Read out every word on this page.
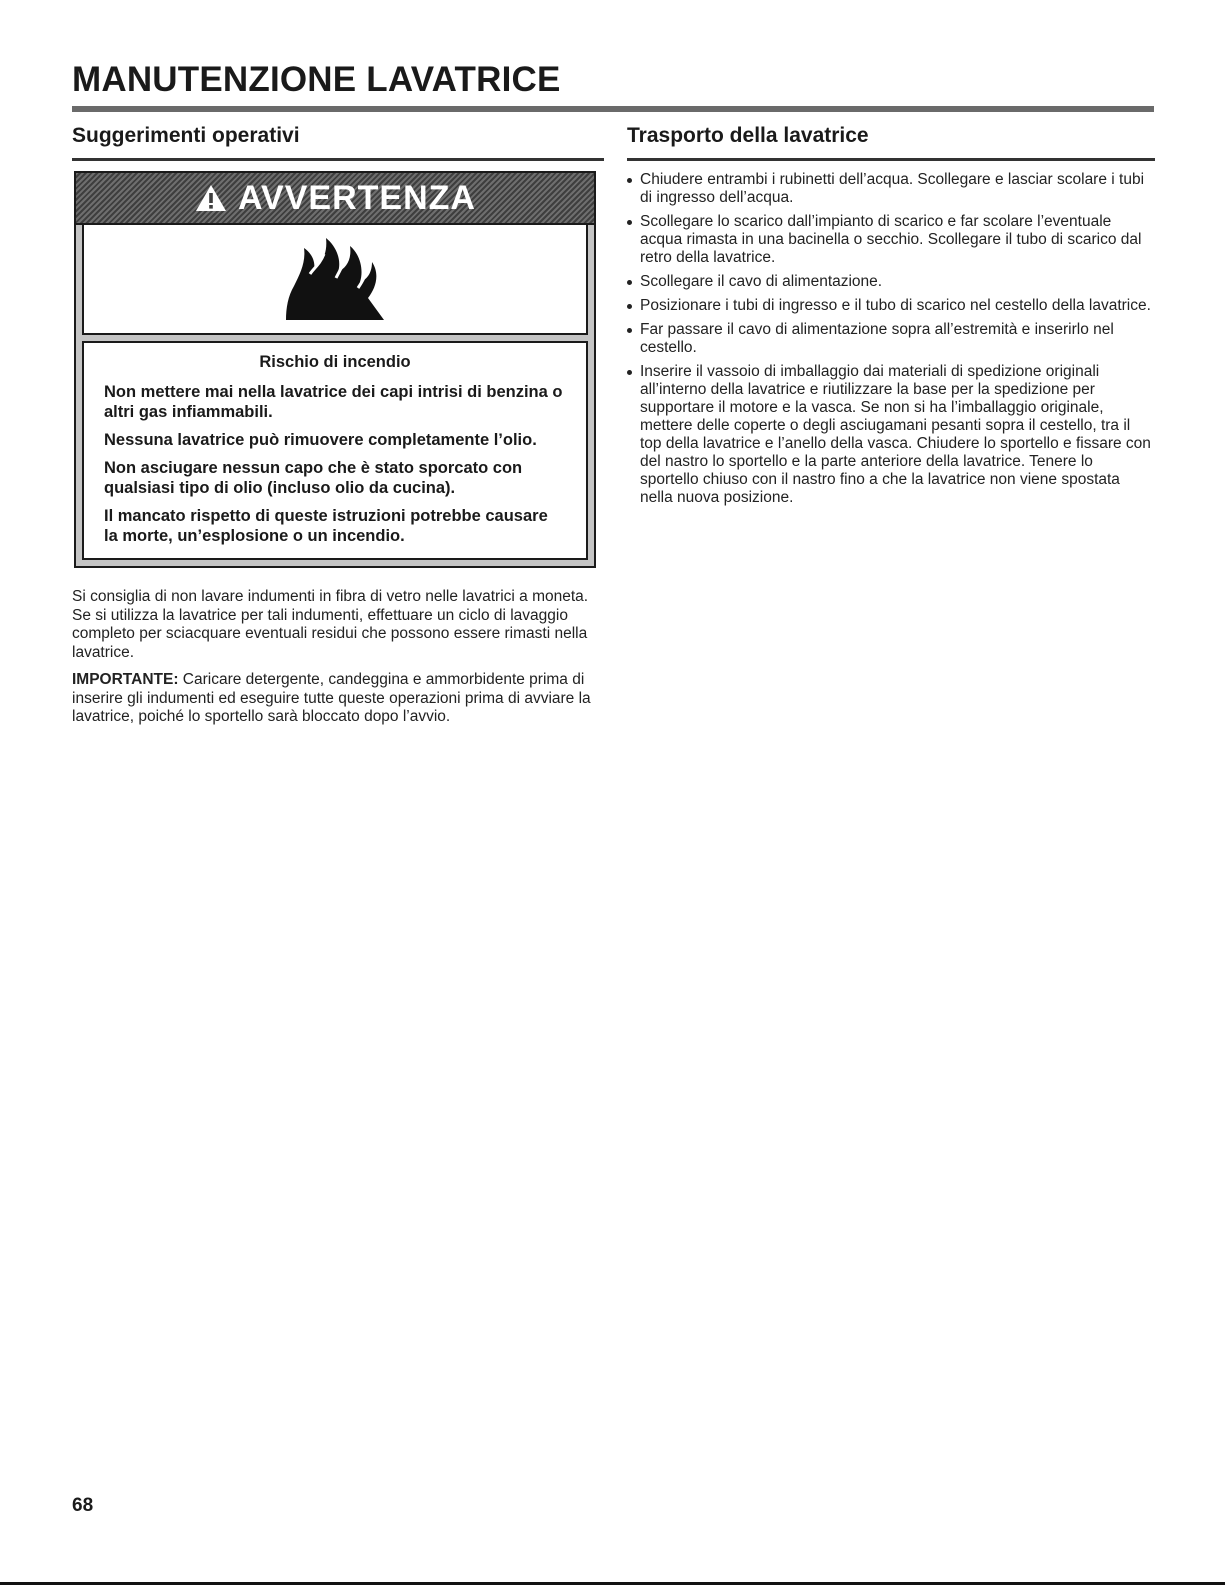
MANUTENZIONE LAVATRICE
Suggerimenti operativi
AVVERTENZA

Rischio di incendio

Non mettere mai nella lavatrice dei capi intrisi di benzina o altri gas infiammabili.

Nessuna lavatrice può rimuovere completamente l’olio.

Non asciugare nessun capo che è stato sporcato con qualsiasi tipo di olio (incluso olio da cucina).

Il mancato rispetto di queste istruzioni potrebbe causare la morte, un’esplosione o un incendio.

Si consiglia di non lavare indumenti in fibra di vetro nelle lavatrici a moneta. Se si utilizza la lavatrice per tali indumenti, effettuare un ciclo di lavaggio completo per sciacquare eventuali residui che possono essere rimasti nella lavatrice.

IMPORTANTE: Caricare detergente, candeggina e ammorbidente prima di inserire gli indumenti ed eseguire tutte queste operazioni prima di avviare la lavatrice, poiché lo sportello sarà bloccato dopo l’avvio.

Trasporto della lavatrice
Chiudere entrambi i rubinetti dell’acqua. Scollegare e lasciar scolare i tubi di ingresso dell’acqua.
Scollegare lo scarico dall’impianto di scarico e far scolare l’eventuale acqua rimasta in una bacinella o secchio. Scollegare il tubo di scarico dal retro della lavatrice.
Scollegare il cavo di alimentazione.
Posizionare i tubi di ingresso e il tubo di scarico nel cestello della lavatrice.
Far passare il cavo di alimentazione sopra all’estremità e inserirlo nel cestello.
Inserire il vassoio di imballaggio dai materiali di spedizione originali all’interno della lavatrice e riutilizzare la base per la spedizione per supportare il motore e la vasca. Se non si ha l’imballaggio originale, mettere delle coperte o degli asciugamani pesanti sopra il cestello, tra il top della lavatrice e l’anello della vasca. Chiudere lo sportello e fissare con del nastro lo sportello e la parte anteriore della lavatrice. Tenere lo sportello chiuso con il nastro fino a che la lavatrice non viene spostata nella nuova posizione.
68
